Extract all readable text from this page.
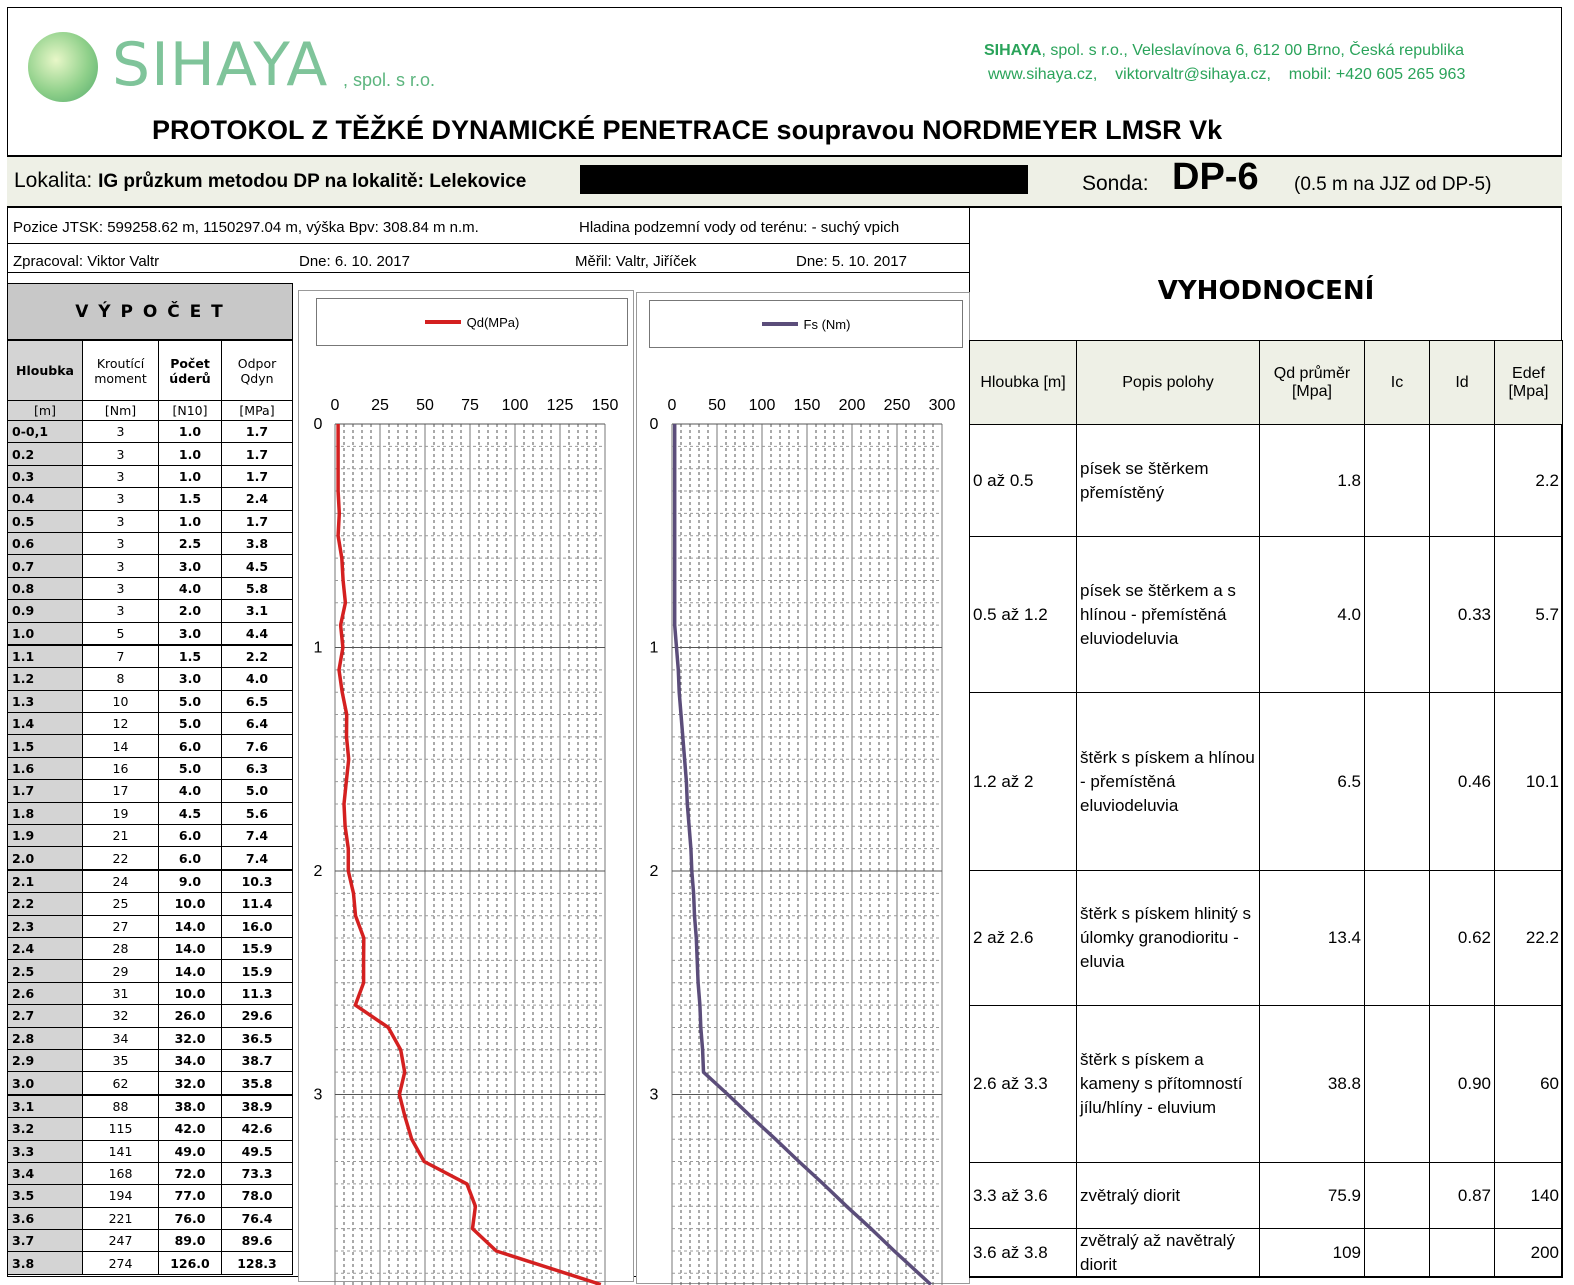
SIHAYA , spol. s r.o.
SIHAYA, spol. s r.o., Veleslavínova 6, 612 00 Brno, Česká republika
www.sihaya.cz,    viktorvaltr@sihaya.cz,    mobil: +420 605 265 963
PROTOKOL Z TĚŽKÉ DYNAMICKÉ PENETRACE soupravou NORDMEYER LMSR Vk
Lokalita: IG průzkum metodou DP na lokalitě: Lelekovice	Sonda: DP-6 (0.5 m na JJZ od DP-5)
Pozice JTSK: 599258.62 m, 1150297.04 m, výška Bpv: 308.84 m n.m.	Hladina podzemní vody od terénu: - suchý vpich
Zpracoval: Viktor Valtr	Dne: 6. 10. 2017	Měřil: Valtr, Jiříček	Dne: 5. 10. 2017
V Ý P O Č E T
Hloubka	Kroutící moment	Počet úderů	Odpor Qdyn
[m]	[Nm]	[N10]	[MPa]
0-0,1	3	1.0	1.7
0.2	3	1.0	1.7
0.3	3	1.0	1.7
0.4	3	1.5	2.4
0.5	3	1.0	1.7
0.6	3	2.5	3.8
0.7	3	3.0	4.5
0.8	3	4.0	5.8
0.9	3	2.0	3.1
1.0	5	3.0	4.4
1.1	7	1.5	2.2
1.2	8	3.0	4.0
1.3	10	5.0	6.5
1.4	12	5.0	6.4
1.5	14	6.0	7.6
1.6	16	5.0	6.3
1.7	17	4.0	5.0
1.8	19	4.5	5.6
1.9	21	6.0	7.4
2.0	22	6.0	7.4
2.1	24	9.0	10.3
2.2	25	10.0	11.4
2.3	27	14.0	16.0
2.4	28	14.0	15.9
2.5	29	14.0	15.9
2.6	31	10.0	11.3
2.7	32	26.0	29.6
2.8	34	32.0	36.5
2.9	35	34.0	38.7
3.0	62	32.0	35.8
3.1	88	38.0	38.9
3.2	115	42.0	42.6
3.3	141	49.0	49.5
3.4	168	72.0	73.3
3.5	194	77.0	78.0
3.6	221	76.0	76.4
3.7	247	89.0	89.6
3.8	274	126.0	128.3
Qd(MPa)	Fs (Nm)
0 25 50 75 100 125 150
0
1
2
3
0 50 100 150 200 250 300
0
1
2
3
VYHODNOCENÍ
Hloubka [m]	Popis polohy	Qd průměr [Mpa]	Ic	Id	Edef [Mpa]
0 až 0.5	písek se štěrkem přemístěný	1.8			2.2
0.5 až 1.2	písek se štěrkem a s hlínou - přemístěná eluviodeluvia	4.0		0.33	5.7
1.2 až 2	štěrk s pískem a hlínou - přemístěná eluviodeluvia	6.5		0.46	10.1
2 až 2.6	štěrk s pískem hlinitý s úlomky granodioritu - eluvia	13.4		0.62	22.2
2.6 až 3.3	štěrk s pískem a kameny s přítomností jílu/hlíny - eluvium	38.8		0.90	60
3.3 až 3.6	zvětralý diorit	75.9		0.87	140
3.6 až 3.8	zvětralý až navětralý diorit	109			200
